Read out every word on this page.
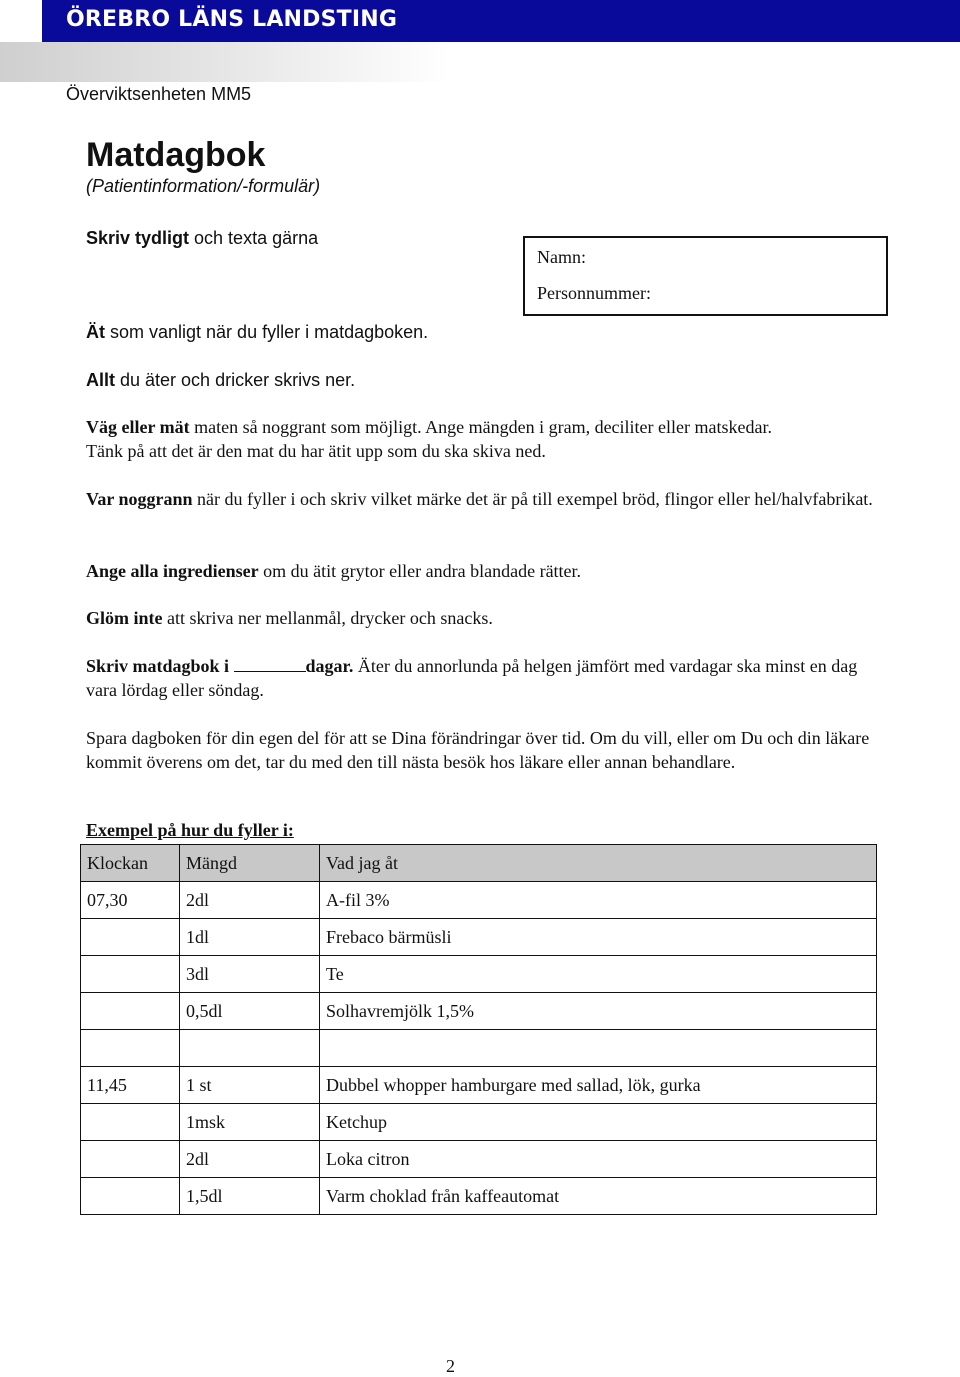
ÖREBRO LÄNS LANDSTING
Överviktsenheten MM5
Matdagbok
(Patientinformation/-formulär)
Skriv tydligt och texta gärna
Namn:
Personnummer:
Ät som vanligt när du fyller i matdagboken.
Allt du äter och dricker skrivs ner.
Väg eller mät maten så noggrant som möjligt. Ange mängden i gram, deciliter eller matskedar. Tänk på att det är den mat du har ätit upp som du ska skiva ned.
Var noggrann när du fyller i och skriv vilket märke det är på till exempel bröd, flingor eller hel/halvfabrikat.
Ange alla ingredienser om du ätit grytor eller andra blandade rätter.
Glöm inte att skriva ner mellanmål, drycker och snacks.
Skriv matdagbok i	dagar. Äter du annorlunda på helgen jämfört med vardagar ska minst en dag vara lördag eller söndag.
Spara dagboken för din egen del för att se Dina förändringar över tid. Om du vill, eller om Du och din läkare kommit överens om det, tar du med den till nästa besök hos läkare eller annan behandlare.
Exempel på hur du fyller i:
Klockan	Mängd	Vad jag åt
07,30	2dl	A-fil 3%
	1dl	Frebaco bärmüsli
	3dl	Te
	0,5dl	Solhavremjölk 1,5%

11,45	1 st	Dubbel whopper hamburgare med sallad, lök, gurka
	1msk	Ketchup
	2dl	Loka citron
	1,5dl	Varm choklad från kaffeautomat
2
